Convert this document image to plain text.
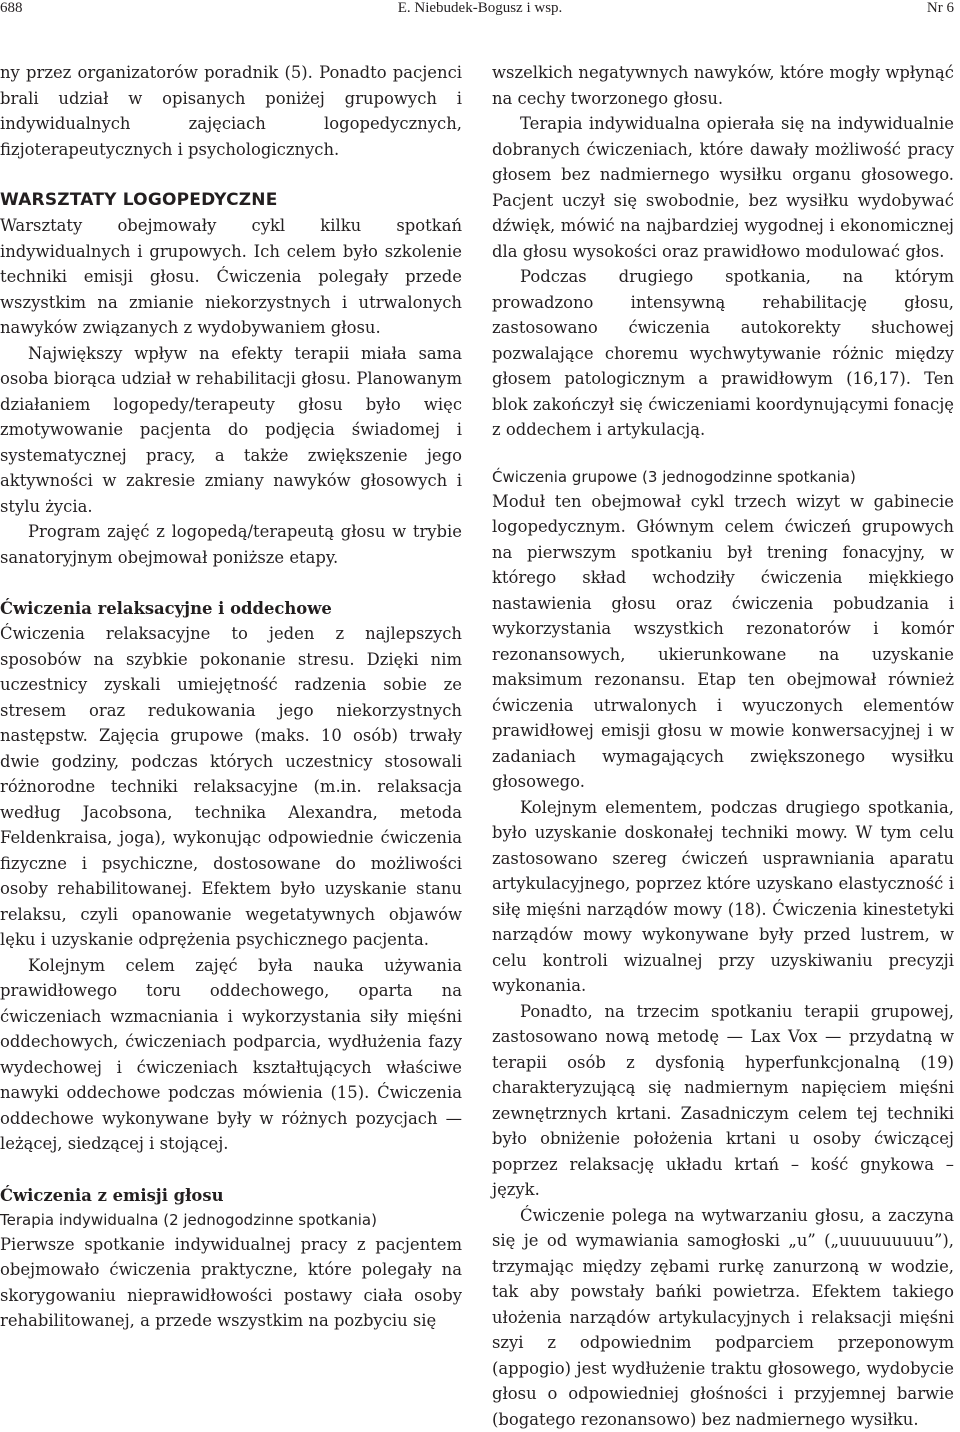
E. Niebudek-Bogusz i wsp.
688	Nr 6

ny przez organizatorów poradnik (5). Ponadto pacjenci brali udział w opisanych poniżej grupowych i indywidualnych zajęciach logopedycznych, fizjoterapeutycznych i psychologicznych.

WARSZTATY LOGOPEDYCZNE

Warsztaty obejmowały cykl kilku spotkań indywidualnych i grupowych. Ich celem było szkolenie techniki emisji głosu. Ćwiczenia polegały przede wszystkim na zmianie niekorzystnych i utrwalonych nawyków związanych z wydobywaniem głosu.

Największy wpływ na efekty terapii miała sama osoba biorąca udział w rehabilitacji głosu. Planowanym działaniem logopedy/terapeuty głosu było więc zmotywowanie pacjenta do podjęcia świadomej i systematycznej pracy, a także zwiększenie jego aktywności w zakresie zmiany nawyków głosowych i stylu życia.

Program zajęć z logopedą/terapeutą głosu w trybie sanatoryjnym obejmował poniższe etapy.

Ćwiczenia relaksacyjne i oddechowe

Ćwiczenia relaksacyjne to jeden z najlepszych sposobów na szybkie pokonanie stresu. Dzięki nim uczestnicy zyskali umiejętność radzenia sobie ze stresem oraz redukowania jego niekorzystnych następstw. Zajęcia grupowe (maks. 10 osób) trwały dwie godziny, podczas których uczestnicy stosowali różnorodne techniki relaksacyjne (m.in. relaksacja według Jacobsona, technika Alexandra, metoda Feldenkraisa, joga), wykonując odpowiednie ćwiczenia fizyczne i psychiczne, dostosowane do możliwości osoby rehabilitowanej. Efektem było uzyskanie stanu relaksu, czyli opanowanie wegetatywnych objawów lęku i uzyskanie odprężenia psychicznego pacjenta.

Kolejnym celem zajęć była nauka używania prawidłowego toru oddechowego, oparta na ćwiczeniach wzmacniania i wykorzystania siły mięśni oddechowych, ćwiczeniach podparcia, wydłużenia fazy wydechowej i ćwiczeniach kształtujących właściwe nawyki oddechowe podczas mówienia (15). Ćwiczenia oddechowe wykonywane były w różnych pozycjach — leżącej, siedzącej i stojącej.

Ćwiczenia z emisji głosu
Terapia indywidualna (2 jednogodzinne spotkania)

Pierwsze spotkanie indywidualnej pracy z pacjentem obejmowało ćwiczenia praktyczne, które polegały na skorygowaniu nieprawidłowości postawy ciała osoby rehabilitowanej, a przede wszystkim na pozbyciu się

wszelkich negatywnych nawyków, które mogły wpłynąć na cechy tworzonego głosu.

Terapia indywidualna opierała się na indywidualnie dobranych ćwiczeniach, które dawały możliwość pracy głosem bez nadmiernego wysiłku organu głosowego. Pacjent uczył się swobodnie, bez wysiłku wydobywać dźwięk, mówić na najbardziej wygodnej i ekonomicznej dla głosu wysokości oraz prawidłowo modulować głos.

Podczas drugiego spotkania, na którym prowadzono intensywną rehabilitację głosu, zastosowano ćwiczenia autokorekty słuchowej pozwalające choremu wychwytywanie różnic między głosem patologicznym a prawidłowym (16,17). Ten blok zakończył się ćwiczeniami koordynującymi fonację z oddechem i artykulacją.

Ćwiczenia grupowe (3 jednogodzinne spotkania)

Moduł ten obejmował cykl trzech wizyt w gabinecie logopedycznym. Głównym celem ćwiczeń grupowych na pierwszym spotkaniu był trening fonacyjny, w którego skład wchodziły ćwiczenia miękkiego nastawienia głosu oraz ćwiczenia pobudzania i wykorzystania wszystkich rezonatorów i komór rezonansowych, ukierunkowane na uzyskanie maksimum rezonansu. Etap ten obejmował również ćwiczenia utrwalonych i wyuczonych elementów prawidłowej emisji głosu w mowie konwersacyjnej i w zadaniach wymagających zwiększonego wysiłku głosowego.

Kolejnym elementem, podczas drugiego spotkania, było uzyskanie doskonałej techniki mowy. W tym celu zastosowano szereg ćwiczeń usprawniania aparatu artykulacyjnego, poprzez które uzyskano elastyczność i siłę mięśni narządów mowy (18). Ćwiczenia kinestetyki narządów mowy wykonywane były przed lustrem, w celu kontroli wizualnej przy uzyskiwaniu precyzji wykonania.

Ponadto, na trzecim spotkaniu terapii grupowej, zastosowano nową metodę — Lax Vox — przydatną w terapii osób z dysfonią hyperfunkcjonalną (19) charakteryzującą się nadmiernym napięciem mięśni zewnętrznych krtani. Zasadniczym celem tej techniki było obniżenie położenia krtani u osoby ćwiczącej poprzez relaksację układu krtań – kość gnykowa – język.

Ćwiczenie polega na wytwarzaniu głosu, a zaczyna się je od wymawiania samogłoski „u” („uuuuuuuuu”), trzymając między zębami rurkę zanurzoną w wodzie, tak aby powstały bańki powietrza. Efektem takiego ułożenia narządów artykulacyjnych i relaksacji mięśni szyi z odpowiednim podparciem przeponowym (appogio) jest wydłużenie traktu głosowego, wydobycie głosu o odpowiedniej głośności i przyjemnej barwie (bogatego rezonansowo) bez nadmiernego wysiłku.
